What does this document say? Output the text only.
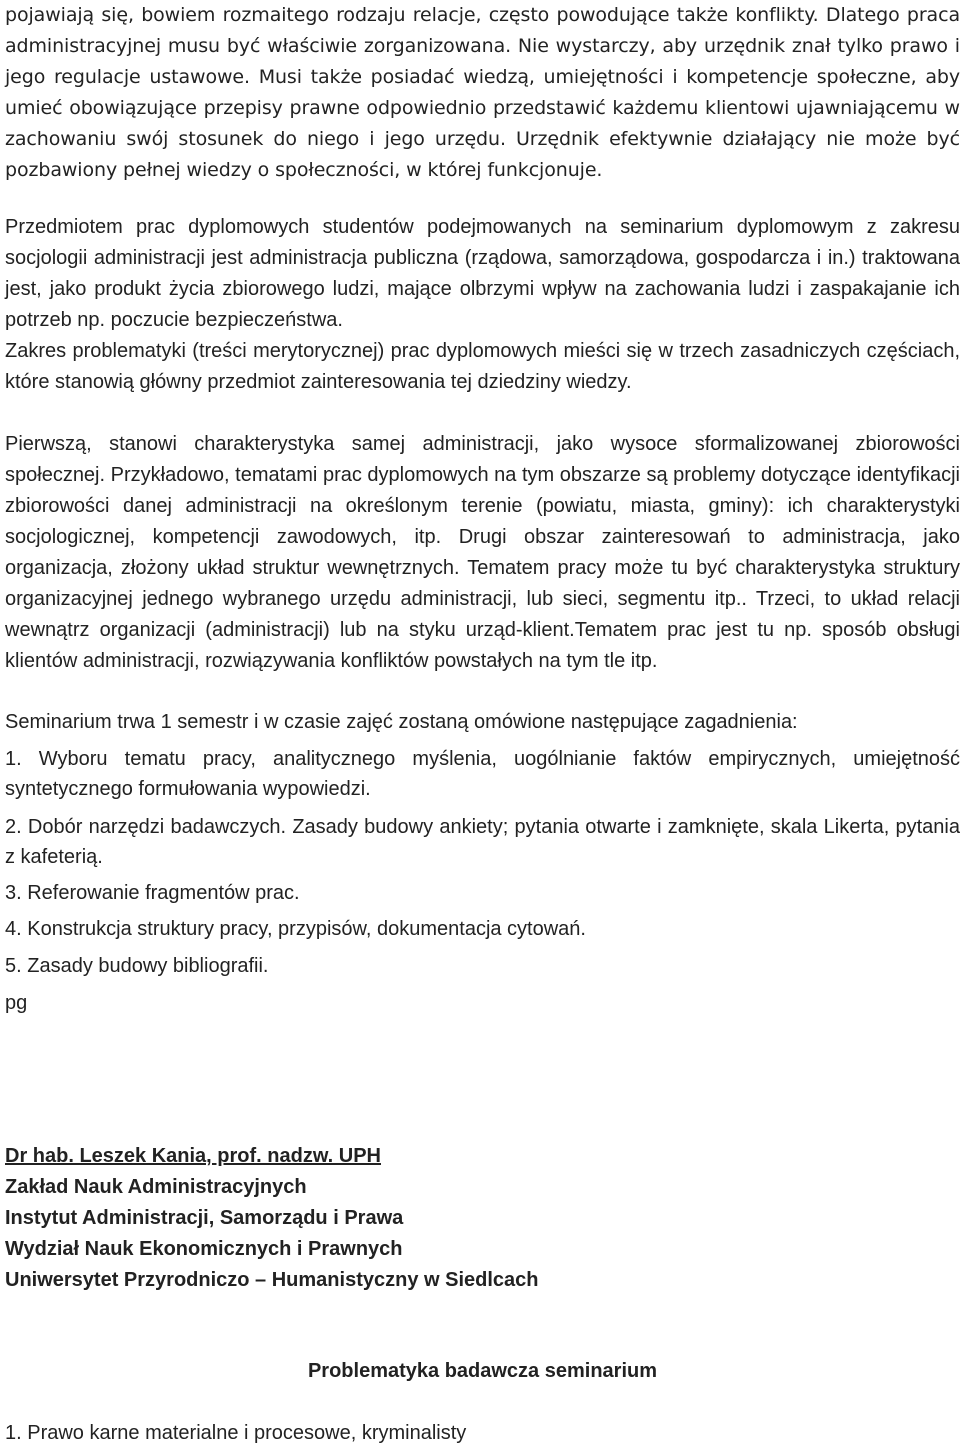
pojawiają się, bowiem rozmaitego rodzaju relacje, często powodujące także konflikty. Dlatego praca administracyjnej musu być właściwie zorganizowana. Nie wystarczy, aby urzędnik znał tylko prawo i jego regulacje ustawowe. Musi także posiadać wiedzą, umiejętności i kompetencje społeczne, aby umieć obowiązujące przepisy prawne odpowiednio przedstawić każdemu klientowi ujawniającemu w zachowaniu swój stosunek do niego i jego urzędu. Urzędnik efektywnie działający nie może być pozbawiony pełnej wiedzy o społeczności, w której funkcjonuje.

Przedmiotem prac dyplomowych studentów podejmowanych na seminarium dyplomowym z zakresu socjologii administracji jest administracja publiczna (rządowa, samorządowa, gospodarcza i in.) traktowana jest, jako produkt życia zbiorowego ludzi, mające olbrzymi wpływ na zachowania ludzi i zaspakajanie ich potrzeb np. poczucie bezpieczeństwa.

Zakres problematyki (treści merytorycznej) prac dyplomowych mieści się w trzech zasadniczych częściach, które stanowią główny przedmiot zainteresowania tej dziedziny wiedzy.

Pierwszą, stanowi charakterystyka samej administracji, jako wysoce sformalizowanej zbiorowości społecznej. Przykładowo, tematami prac dyplomowych na tym obszarze są problemy dotyczące identyfikacji zbiorowości danej administracji na określonym terenie (powiatu, miasta, gminy): ich charakterystyki socjologicznej, kompetencji zawodowych, itp. Drugi obszar zainteresowań to administracja, jako organizacja, złożony układ struktur wewnętrznych. Tematem pracy może tu być charakterystyka struktury organizacyjnej jednego wybranego urzędu administracji, lub sieci, segmentu itp.. Trzeci, to układ relacji wewnątrz organizacji (administracji) lub na styku urząd-klient.Tematem prac jest tu np. sposób obsługi klientów administracji, rozwiązywania konfliktów powstałych na tym tle itp.

Seminarium trwa 1 semestr i w czasie zajęć zostaną omówione następujące zagadnienia:

1. Wyboru tematu pracy, analitycznego myślenia, uogólnianie faktów empirycznych, umiejętność syntetycznego formułowania wypowiedzi.

2. Dobór narzędzi badawczych. Zasady budowy ankiety; pytania otwarte i zamknięte, skala Likerta, pytania z kafeterią.

3. Referowanie fragmentów prac.

4. Konstrukcja struktury pracy, przypisów, dokumentacja cytowań.

5. Zasady budowy bibliografii.

pg

Dr hab. Leszek Kania, prof. nadzw. UPH

Zakład Nauk Administracyjnych

Instytut Administracji, Samorządu i Prawa

Wydział Nauk Ekonomicznych i Prawnych

Uniwersytet Przyrodniczo – Humanistyczny w Siedlcach

Problematyka badawcza seminarium

1. Prawo karne materialne i procesowe, kryminalisty
